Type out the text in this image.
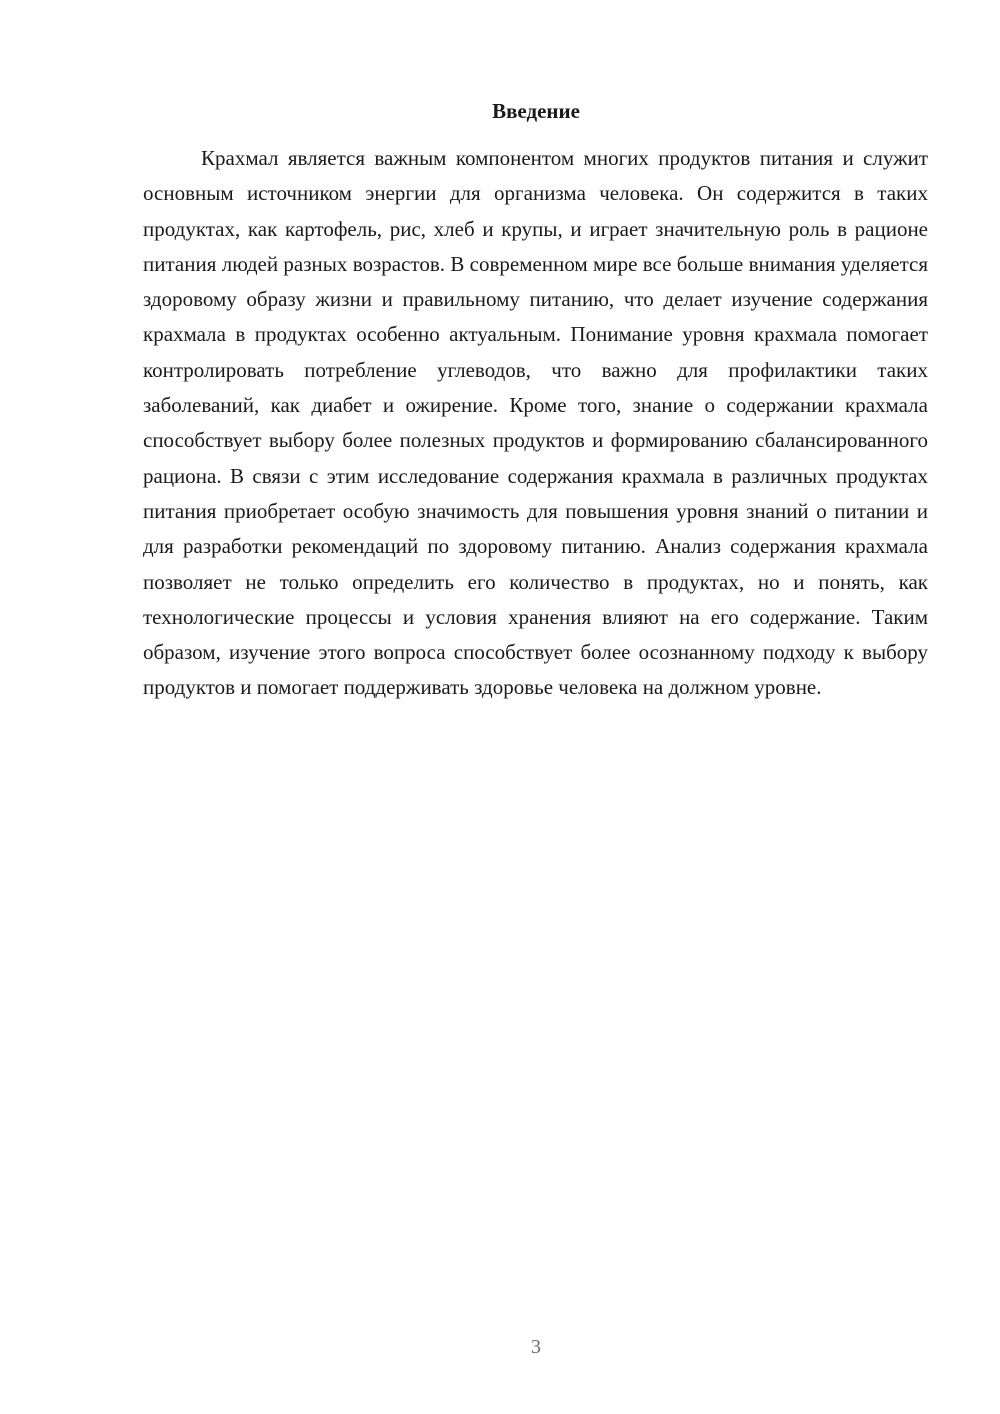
Введение

Крахмал является важным компонентом многих продуктов питания и служит основным источником энергии для организма человека. Он содержится в таких продуктах, как картофель, рис, хлеб и крупы, и играет значительную роль в рационе питания людей разных возрастов. В современном мире все больше внимания уделяется здоровому образу жизни и правильному питанию, что делает изучение содержания крахмала в продуктах особенно актуальным. Понимание уровня крахмала помогает контролировать потребление углеводов, что важно для профилактики таких заболеваний, как диабет и ожирение. Кроме того, знание о содержании крахмала способствует выбору более полезных продуктов и формированию сбалансированного рациона. В связи с этим исследование содержания крахмала в различных продуктах питания приобретает особую значимость для повышения уровня знаний о питании и для разработки рекомендаций по здоровому питанию. Анализ содержания крахмала позволяет не только определить его количество в продуктах, но и понять, как технологические процессы и условия хранения влияют на его содержание. Таким образом, изучение этого вопроса способствует более осознанному подходу к выбору продуктов и помогает поддерживать здоровье человека на должном уровне.

3
